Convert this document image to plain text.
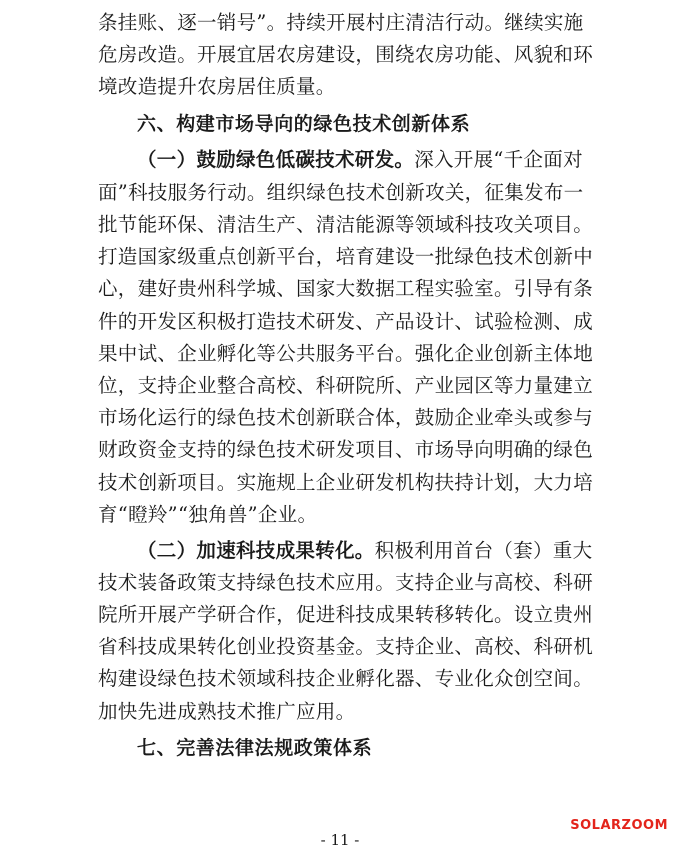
条挂账、逐一销号”。持续开展村庄清洁行动。继续实施
危房改造。开展宜居农房建设，围绕农房功能、风貌和环
境改造提升农房居住质量。
六、构建市场导向的绿色技术创新体系
（一）鼓励绿色低碳技术研发。深入开展“千企面对
面”科技服务行动。组织绿色技术创新攻关，征集发布一
批节能环保、清洁生产、清洁能源等领域科技攻关项目。
打造国家级重点创新平台，培育建设一批绿色技术创新中
心，建好贵州科学城、国家大数据工程实验室。引导有条
件的开发区积极打造技术研发、产品设计、试验检测、成
果中试、企业孵化等公共服务平台。强化企业创新主体地
位，支持企业整合高校、科研院所、产业园区等力量建立
市场化运行的绿色技术创新联合体，鼓励企业牵头或参与
财政资金支持的绿色技术研发项目、市场导向明确的绿色
技术创新项目。实施规上企业研发机构扶持计划，大力培
育“瞪羚”“独角兽”企业。
（二）加速科技成果转化。积极利用首台（套）重大
技术装备政策支持绿色技术应用。支持企业与高校、科研
院所开展产学研合作，促进科技成果转移转化。设立贵州
省科技成果转化创业投资基金。支持企业、高校、科研机
构建设绿色技术领域科技企业孵化器、专业化众创空间。
加快先进成熟技术推广应用。
七、完善法律法规政策体系
SOLARZOOM
- 11 -
